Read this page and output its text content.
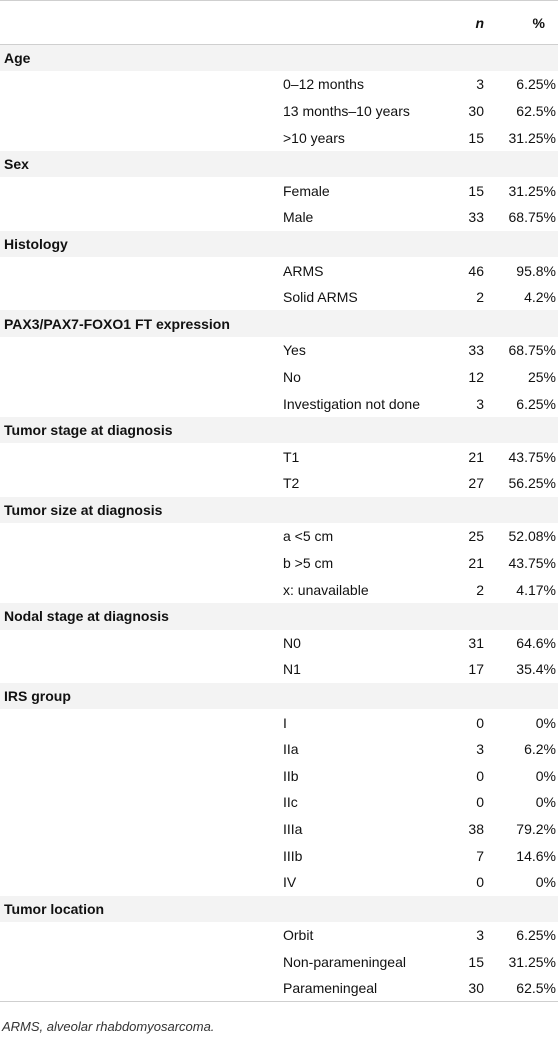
		n	%
Age			
	0–12 months	3	6.25%
	13 months–10 years	30	62.5%
	>10 years	15	31.25%
Sex			
	Female	15	31.25%
	Male	33	68.75%
Histology			
	ARMS	46	95.8%
	Solid ARMS	2	4.2%
PAX3/PAX7-FOXO1 FT expression			
	Yes	33	68.75%
	No	12	25%
	Investigation not done	3	6.25%
Tumor stage at diagnosis			
	T1	21	43.75%
	T2	27	56.25%
Tumor size at diagnosis			
	a <5 cm	25	52.08%
	b >5 cm	21	43.75%
	x: unavailable	2	4.17%
Nodal stage at diagnosis			
	N0	31	64.6%
	N1	17	35.4%
IRS group			
	I	0	0%
	IIa	3	6.2%
	IIb	0	0%
	IIc	0	0%
	IIIa	38	79.2%
	IIIb	7	14.6%
	IV	0	0%
Tumor location			
	Orbit	3	6.25%
	Non-parameningeal	15	31.25%
	Parameningeal	30	62.5%
ARMS, alveolar rhabdomyosarcoma.
